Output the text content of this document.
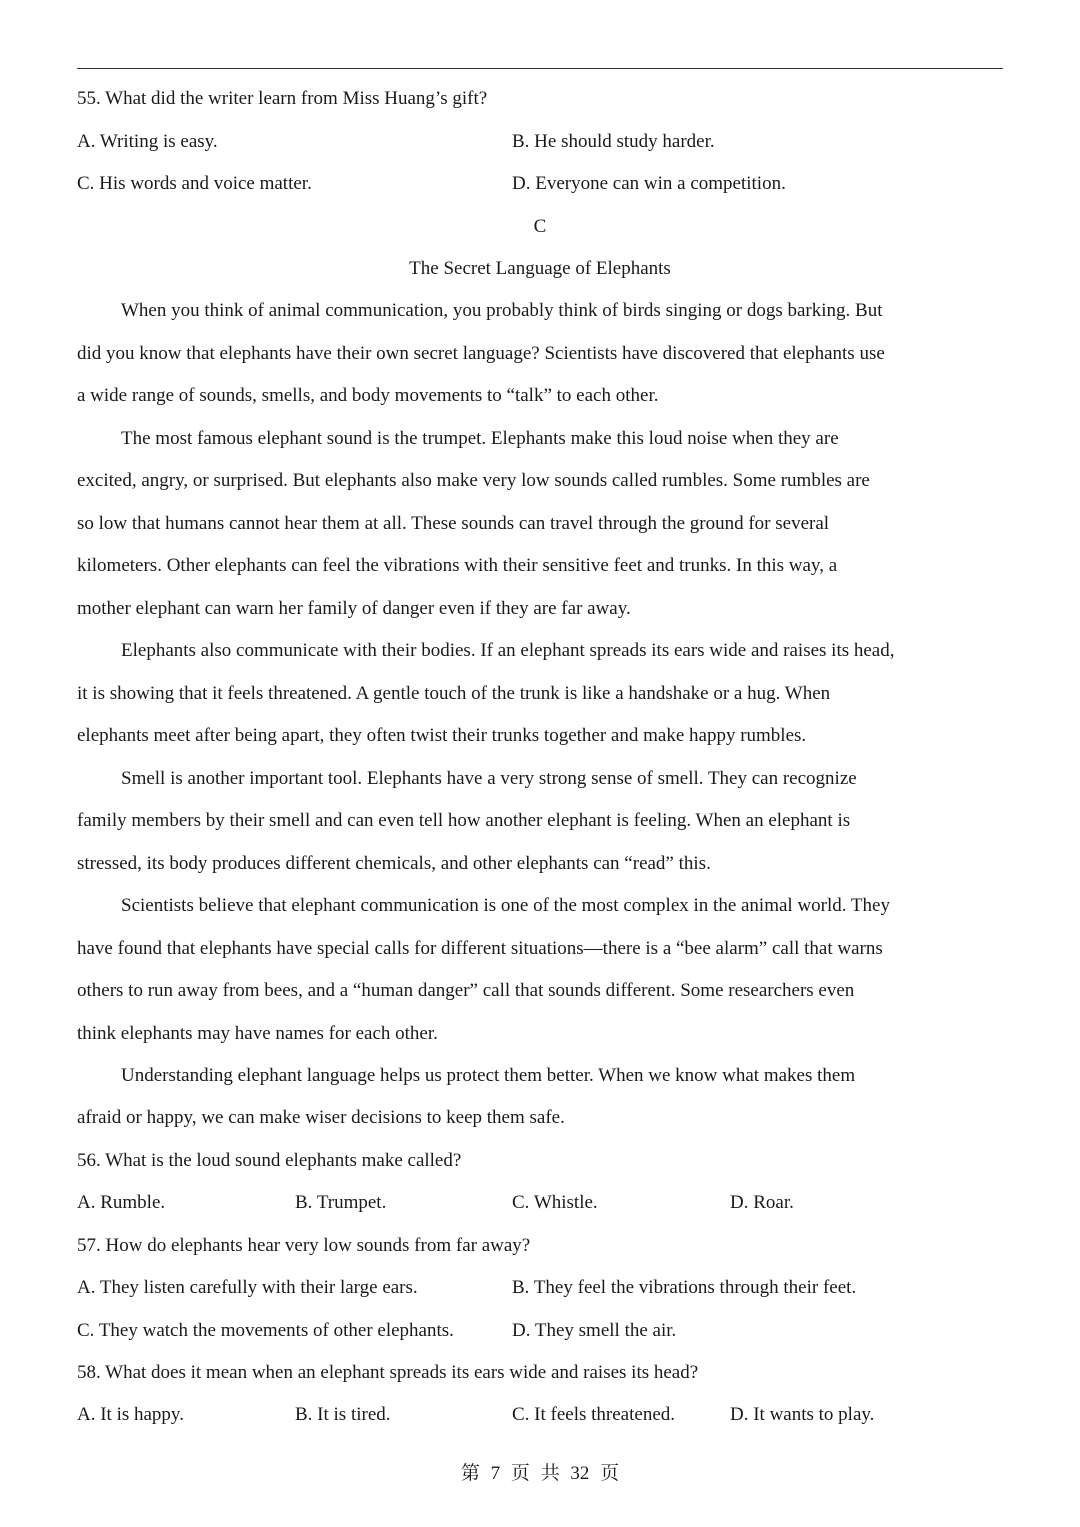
55. What did the writer learn from Miss Huang’s gift?
A. Writing is easy.	B. He should study harder.
C. His words and voice matter.	D. Everyone can win a competition.
C
The Secret Language of Elephants
When you think of animal communication, you probably think of birds singing or dogs barking. But
did you know that elephants have their own secret language? Scientists have discovered that elephants use
a wide range of sounds, smells, and body movements to “talk” to each other.
The most famous elephant sound is the trumpet. Elephants make this loud noise when they are
excited, angry, or surprised. But elephants also make very low sounds called rumbles. Some rumbles are
so low that humans cannot hear them at all. These sounds can travel through the ground for several
kilometers. Other elephants can feel the vibrations with their sensitive feet and trunks. In this way, a
mother elephant can warn her family of danger even if they are far away.
Elephants also communicate with their bodies. If an elephant spreads its ears wide and raises its head,
it is showing that it feels threatened. A gentle touch of the trunk is like a handshake or a hug. When
elephants meet after being apart, they often twist their trunks together and make happy rumbles.
Smell is another important tool. Elephants have a very strong sense of smell. They can recognize
family members by their smell and can even tell how another elephant is feeling. When an elephant is
stressed, its body produces different chemicals, and other elephants can “read” this.
Scientists believe that elephant communication is one of the most complex in the animal world. They
have found that elephants have special calls for different situations—there is a “bee alarm” call that warns
others to run away from bees, and a “human danger” call that sounds different. Some researchers even
think elephants may have names for each other.
Understanding elephant language helps us protect them better. When we know what makes them
afraid or happy, we can make wiser decisions to keep them safe.
56. What is the loud sound elephants make called?
A. Rumble.	B. Trumpet.	C. Whistle.	D. Roar.
57. How do elephants hear very low sounds from far away?
A. They listen carefully with their large ears.	B. They feel the vibrations through their feet.
C. They watch the movements of other elephants.	D. They smell the air.
58. What does it mean when an elephant spreads its ears wide and raises its head?
A. It is happy.	B. It is tired.	C. It feels threatened.	D. It wants to play.
第 7 页 共 32 页
